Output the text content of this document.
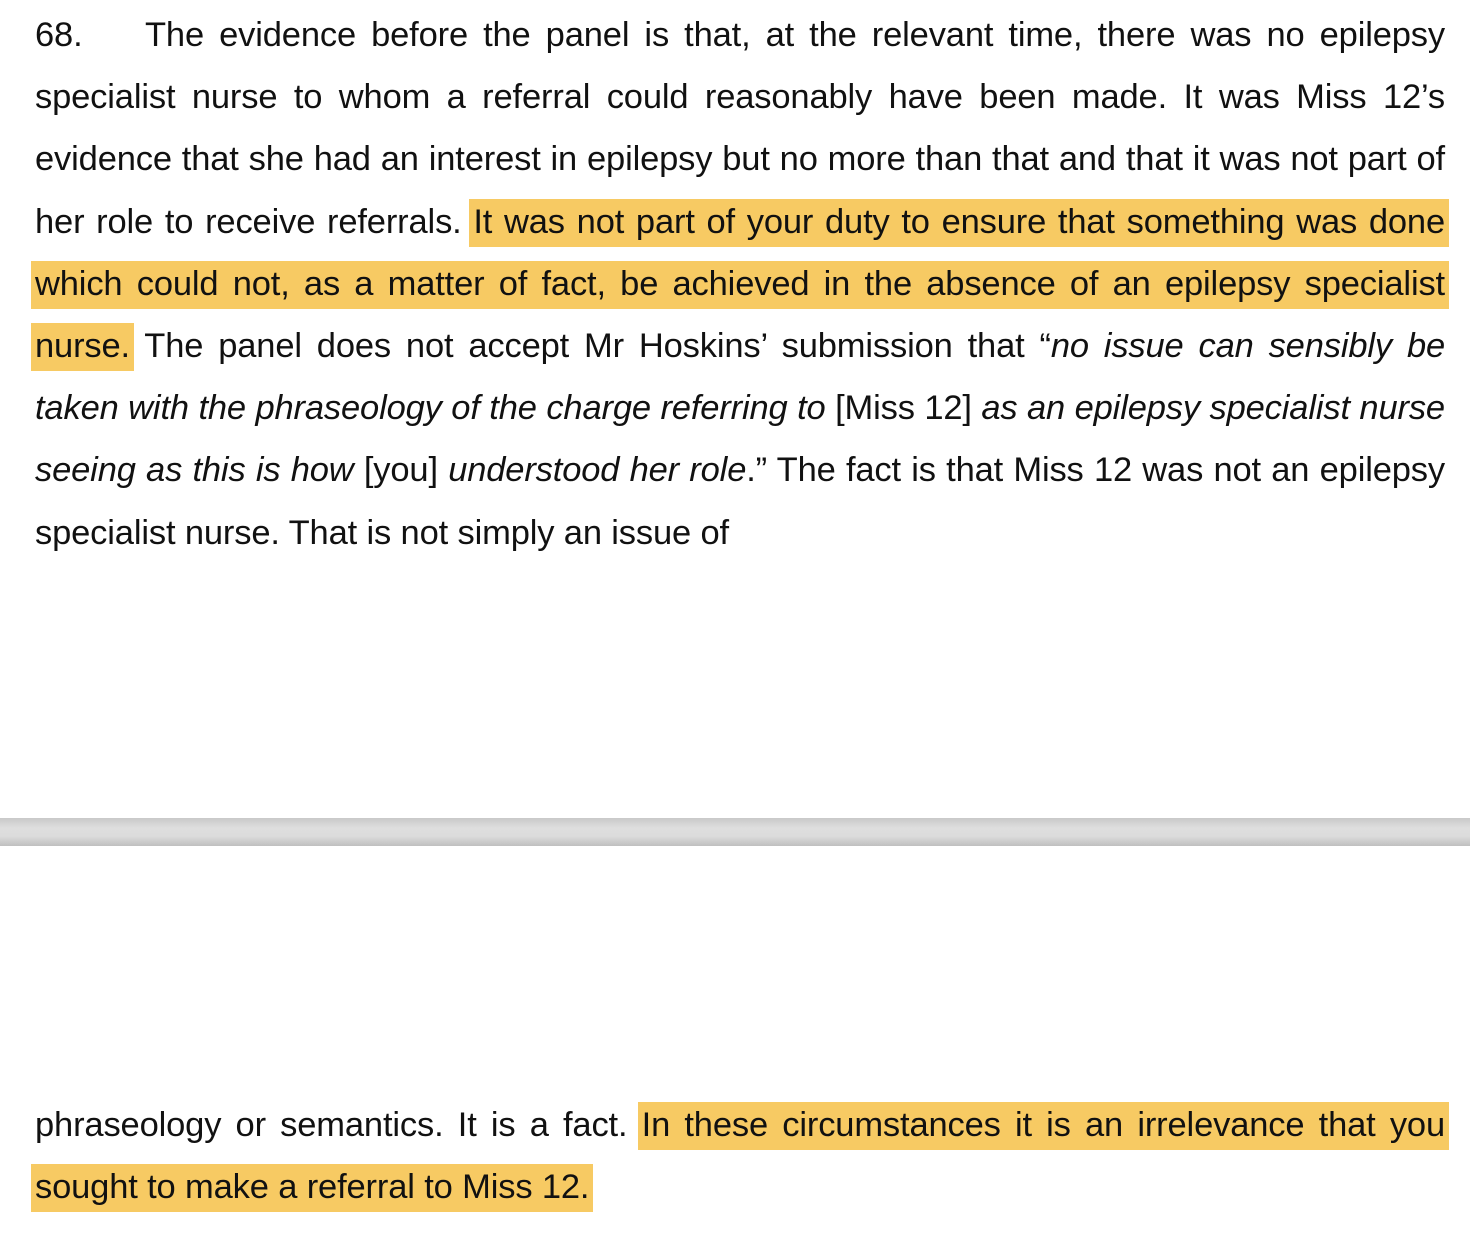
68. The evidence before the panel is that, at the relevant time, there was no epilepsy specialist nurse to whom a referral could reasonably have been made. It was Miss 12’s evidence that she had an interest in epilepsy but no more than that and that it was not part of her role to receive referrals. It was not part of your duty to ensure that something was done which could not, as a matter of fact, be achieved in the absence of an epilepsy specialist nurse. The panel does not accept Mr Hoskins’ submission that “no issue can sensibly be taken with the phraseology of the charge referring to [Miss 12] as an epilepsy specialist nurse seeing as this is how [you] understood her role.” The fact is that Miss 12 was not an epilepsy specialist nurse. That is not simply an issue of

phraseology or semantics. It is a fact. In these circumstances it is an irrelevance that you sought to make a referral to Miss 12.
